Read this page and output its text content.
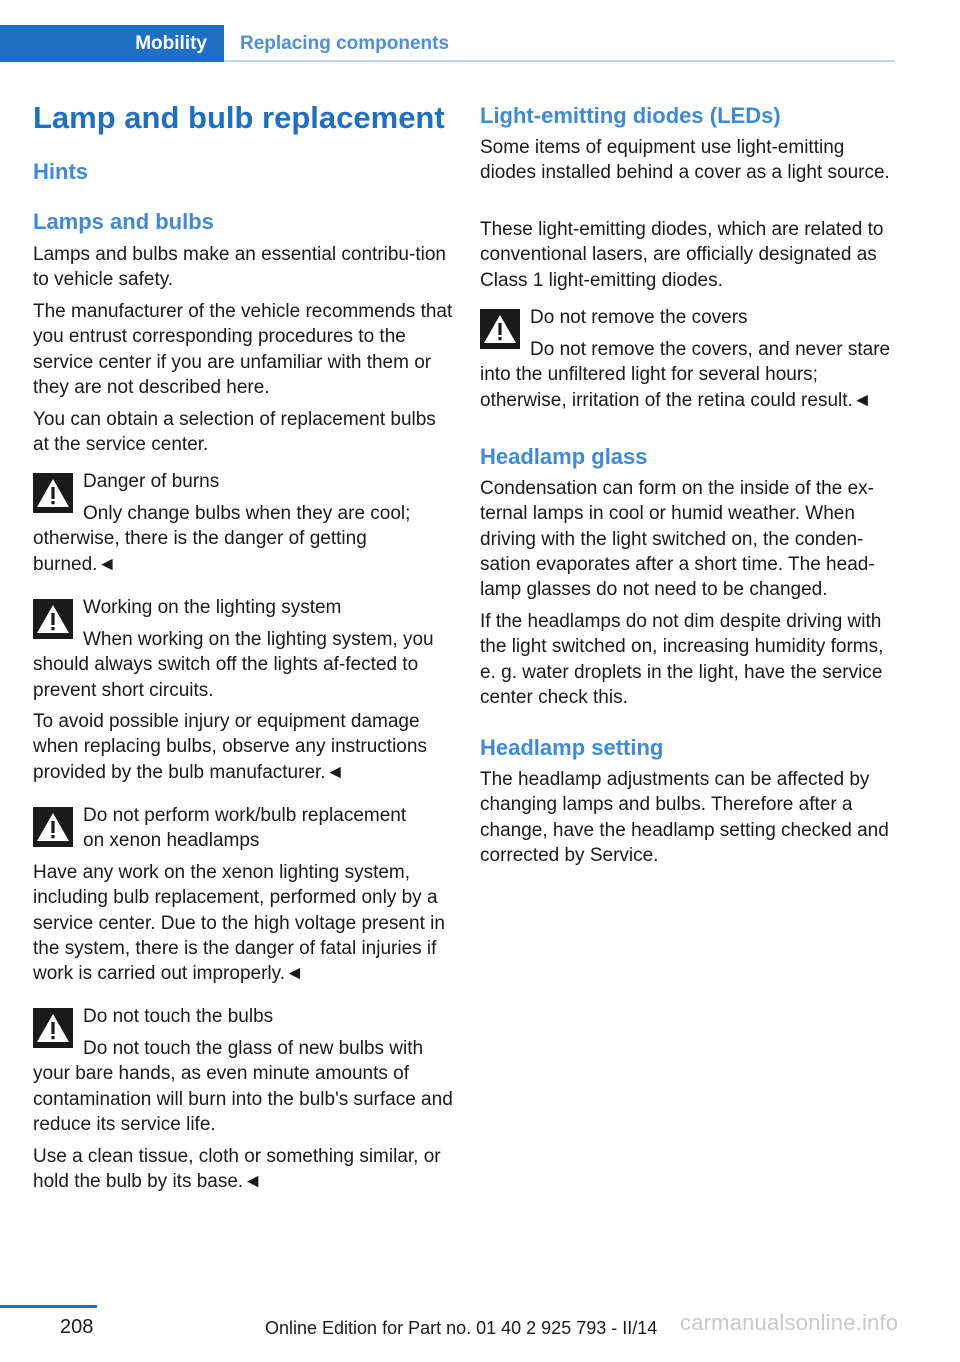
Mobility	Replacing components
Lamp and bulb replacement
Hints
Lamps and bulbs
Lamps and bulbs make an essential contribu-tion to vehicle safety.
The manufacturer of the vehicle recommends that you entrust corresponding procedures to the service center if you are unfamiliar with them or they are not described here.
You can obtain a selection of replacement bulbs at the service center.
Danger of burns
Only change bulbs when they are cool; otherwise, there is the danger of getting burned.◄
Working on the lighting system
When working on the lighting system, you should always switch off the lights af-fected to prevent short circuits.
To avoid possible injury or equipment damage when replacing bulbs, observe any instructions provided by the bulb manufacturer.◄
Do not perform work/bulb replacement
on xenon headlamps
Have any work on the xenon lighting system, including bulb replacement, performed only by a service center. Due to the high voltage present in the system, there is the danger of fatal injuries if work is carried out improperly.◄
Do not touch the bulbs
Do not touch the glass of new bulbs with your bare hands, as even minute amounts of contamination will burn into the bulb's surface and reduce its service life.
Use a clean tissue, cloth or something similar, or hold the bulb by its base.◄
Light-emitting diodes (LEDs)
Some items of equipment use light-emitting diodes installed behind a cover as a light source.
These light-emitting diodes, which are related to conventional lasers, are officially designated as Class 1 light-emitting diodes.
Do not remove the covers
Do not remove the covers, and never stare into the unfiltered light for several hours; otherwise, irritation of the retina could result.◄
Headlamp glass
Condensation can form on the inside of the ex-ternal lamps in cool or humid weather. When driving with the light switched on, the conden-sation evaporates after a short time. The head-lamp glasses do not need to be changed.
If the headlamps do not dim despite driving with the light switched on, increasing humidity forms, e. g. water droplets in the light, have the service center check this.
Headlamp setting
The headlamp adjustments can be affected by changing lamps and bulbs. Therefore after a change, have the headlamp setting checked and corrected by Service.
208	Online Edition for Part no. 01 40 2 925 793 - II/14 carmanualsonline.info
